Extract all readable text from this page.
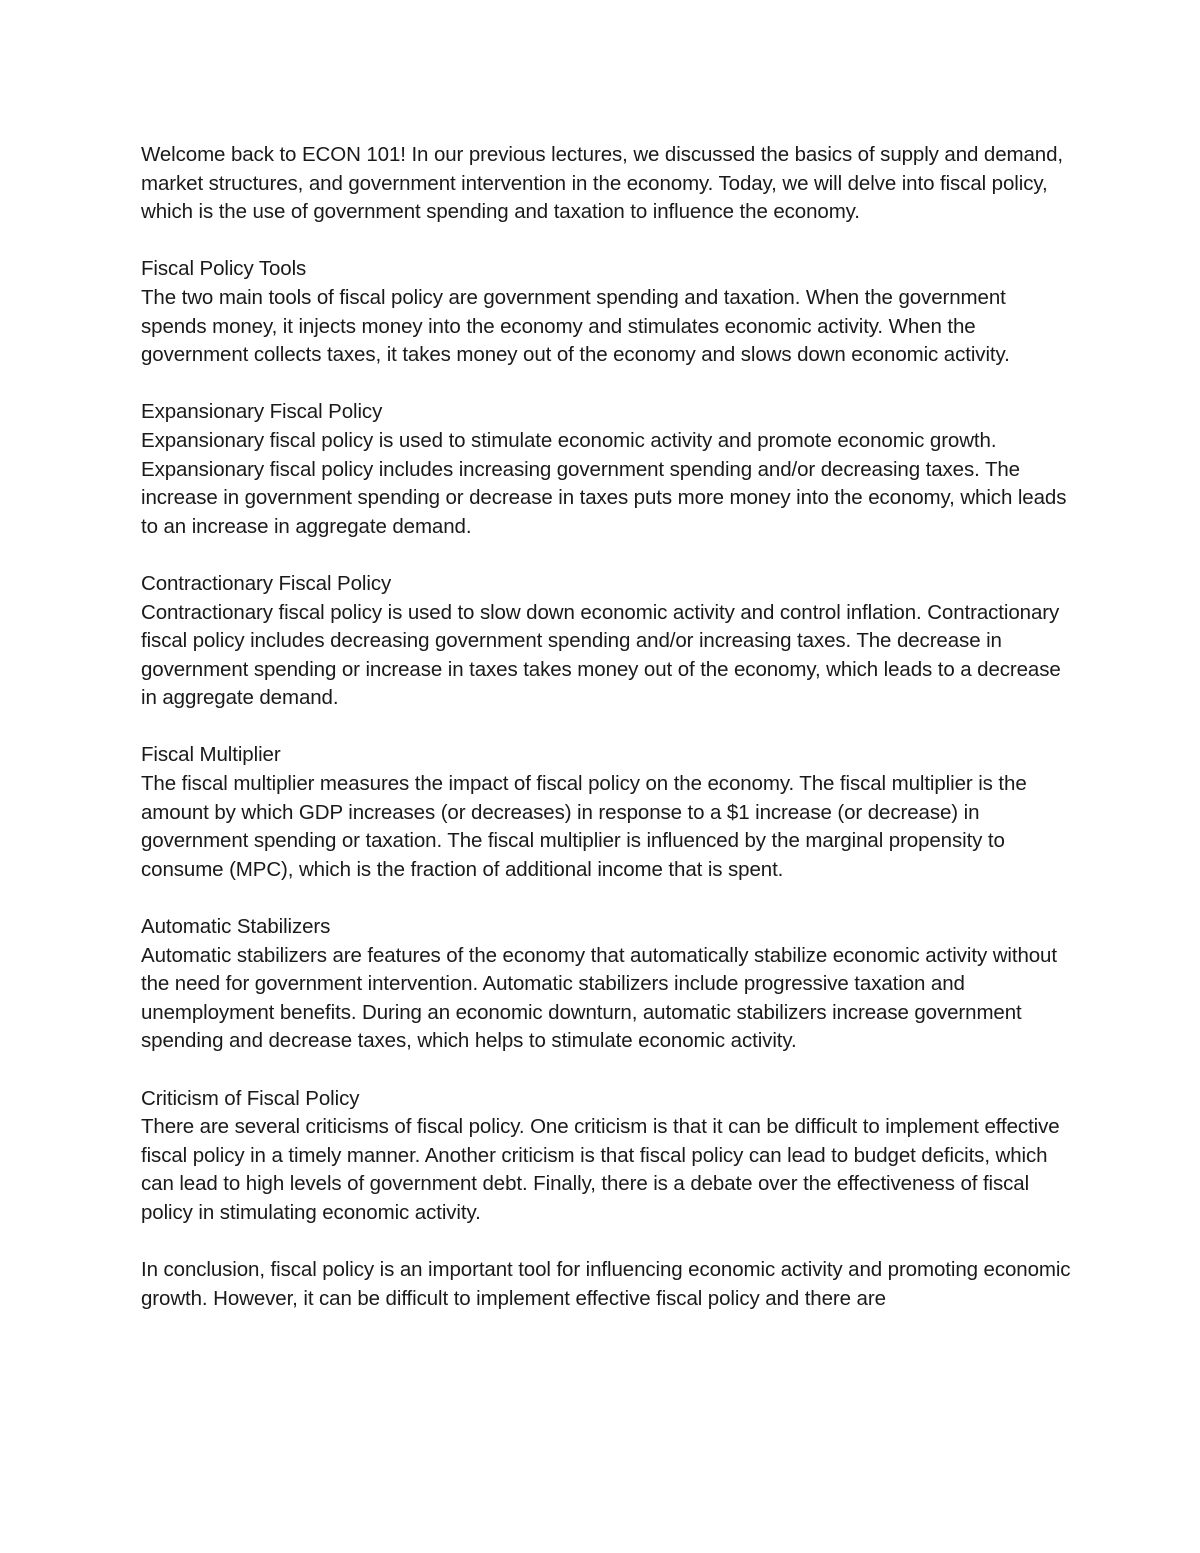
Welcome back to ECON 101! In our previous lectures, we discussed the basics of supply and demand, market structures, and government intervention in the economy. Today, we will delve into fiscal policy, which is the use of government spending and taxation to influence the economy.

Fiscal Policy Tools
The two main tools of fiscal policy are government spending and taxation. When the government spends money, it injects money into the economy and stimulates economic activity. When the government collects taxes, it takes money out of the economy and slows down economic activity.
Expansionary Fiscal Policy
Expansionary fiscal policy is used to stimulate economic activity and promote economic growth. Expansionary fiscal policy includes increasing government spending and/or decreasing taxes. The increase in government spending or decrease in taxes puts more money into the economy, which leads to an increase in aggregate demand.
Contractionary Fiscal Policy
Contractionary fiscal policy is used to slow down economic activity and control inflation. Contractionary fiscal policy includes decreasing government spending and/or increasing taxes. The decrease in government spending or increase in taxes takes money out of the economy, which leads to a decrease in aggregate demand.
Fiscal Multiplier
The fiscal multiplier measures the impact of fiscal policy on the economy. The fiscal multiplier is the amount by which GDP increases (or decreases) in response to a $1 increase (or decrease) in government spending or taxation. The fiscal multiplier is influenced by the marginal propensity to consume (MPC), which is the fraction of additional income that is spent.
Automatic Stabilizers
Automatic stabilizers are features of the economy that automatically stabilize economic activity without the need for government intervention. Automatic stabilizers include progressive taxation and unemployment benefits. During an economic downturn, automatic stabilizers increase government spending and decrease taxes, which helps to stimulate economic activity.
Criticism of Fiscal Policy
There are several criticisms of fiscal policy. One criticism is that it can be difficult to implement effective fiscal policy in a timely manner. Another criticism is that fiscal policy can lead to budget deficits, which can lead to high levels of government debt. Finally, there is a debate over the effectiveness of fiscal policy in stimulating economic activity.

In conclusion, fiscal policy is an important tool for influencing economic activity and promoting economic growth. However, it can be difficult to implement effective fiscal policy and there are
